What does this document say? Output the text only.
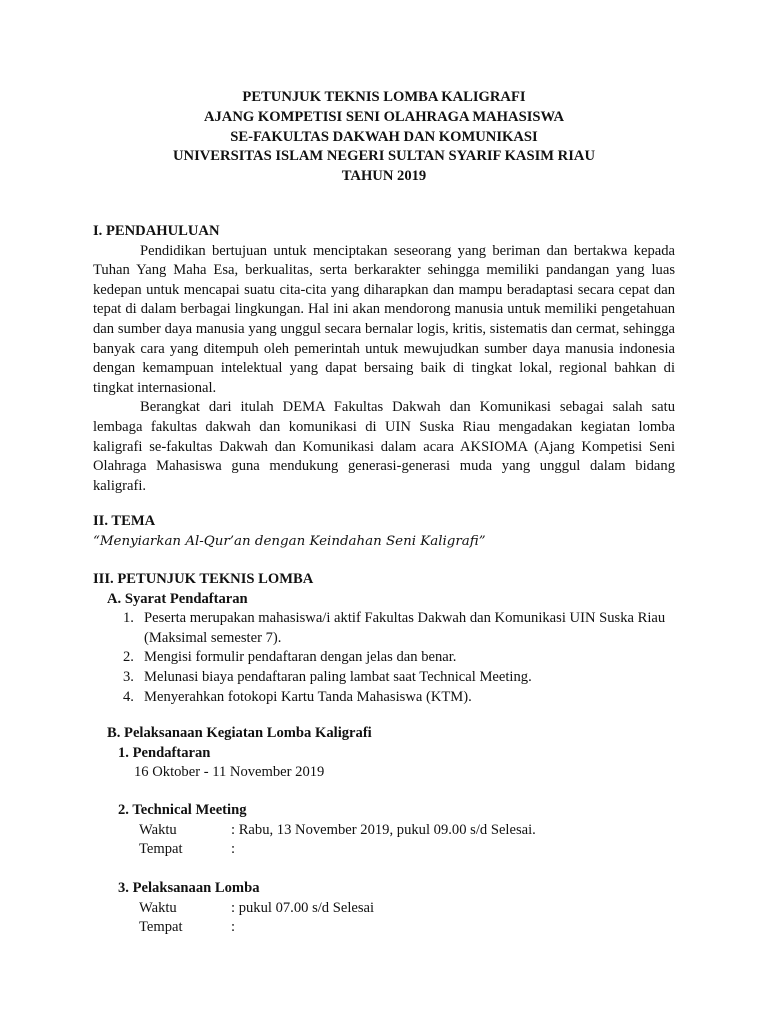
PETUNJUK TEKNIS LOMBA KALIGRAFI
AJANG KOMPETISI SENI OLAHRAGA MAHASISWA
SE-FAKULTAS DAKWAH DAN KOMUNIKASI
UNIVERSITAS ISLAM NEGERI SULTAN SYARIF KASIM RIAU
TAHUN 2019
I. PENDAHULUAN
Pendidikan bertujuan untuk menciptakan seseorang yang beriman dan bertakwa kepada Tuhan Yang Maha Esa, berkualitas, serta berkarakter sehingga memiliki pandangan yang luas kedepan untuk mencapai suatu cita-cita yang diharapkan dan mampu beradaptasi secara cepat dan tepat di dalam berbagai lingkungan. Hal ini akan mendorong manusia untuk memiliki pengetahuan dan sumber daya manusia yang unggul secara bernalar logis, kritis, sistematis dan cermat, sehingga banyak cara yang ditempuh oleh pemerintah untuk mewujudkan sumber daya manusia indonesia dengan kemampuan intelektual yang dapat bersaing baik di tingkat lokal, regional bahkan di tingkat internasional.
Berangkat dari itulah DEMA Fakultas Dakwah dan Komunikasi sebagai salah satu lembaga fakultas dakwah dan komunikasi di UIN Suska Riau mengadakan kegiatan lomba kaligrafi se-fakultas Dakwah dan Komunikasi dalam acara AKSIOMA (Ajang Kompetisi Seni Olahraga Mahasiswa guna mendukung generasi-generasi muda yang unggul dalam bidang kaligrafi.
II. TEMA
“Menyiarkan Al-Qur’an dengan Keindahan Seni Kaligrafi”
III. PETUNJUK TEKNIS LOMBA
A. Syarat Pendaftaran
1. Peserta merupakan mahasiswa/i aktif Fakultas Dakwah dan Komunikasi UIN Suska Riau (Maksimal semester 7).
2. Mengisi formulir pendaftaran dengan jelas dan benar.
3. Melunasi biaya pendaftaran paling lambat saat Technical Meeting.
4. Menyerahkan fotokopi Kartu Tanda Mahasiswa (KTM).
B. Pelaksanaan Kegiatan Lomba Kaligrafi
1. Pendaftaran
16 Oktober - 11 November 2019
2. Technical Meeting
Waktu	: Rabu, 13 November 2019, pukul 09.00 s/d Selesai.
Tempat	:
3. Pelaksanaan Lomba
Waktu	: pukul 07.00 s/d Selesai
Tempat	:
